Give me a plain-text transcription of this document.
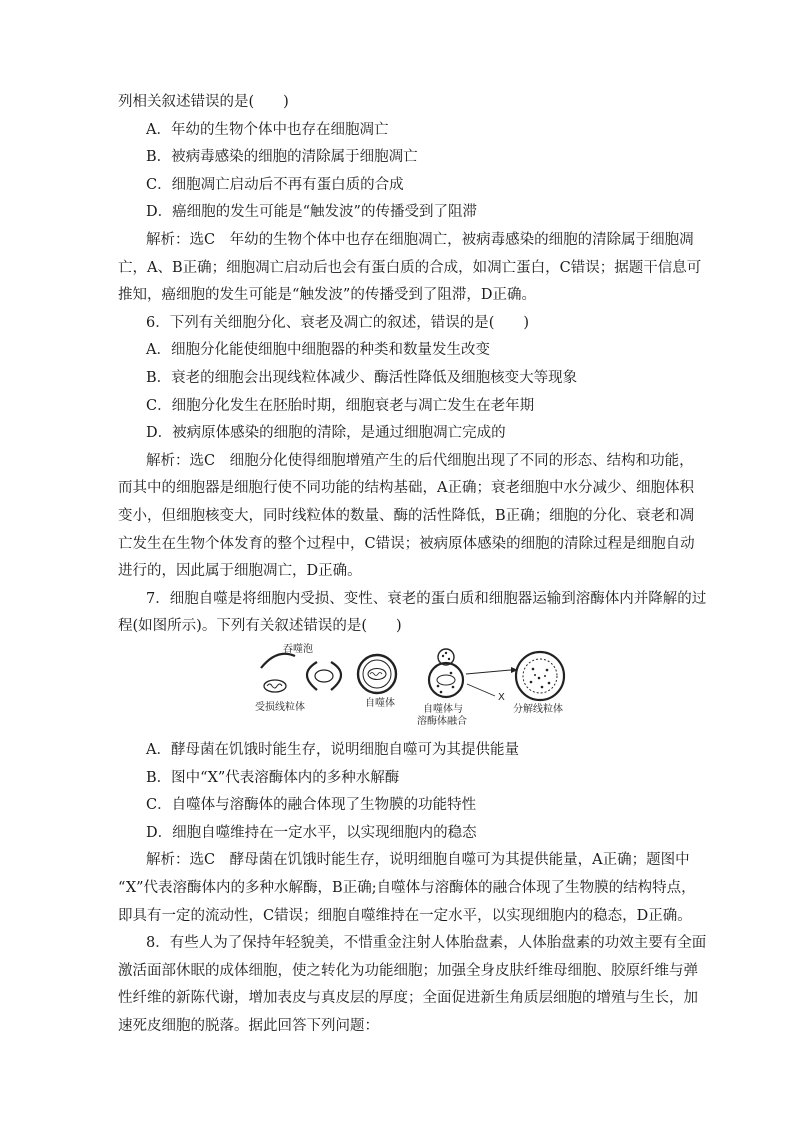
列相关叙述错误的是(　　)
A．年幼的生物个体中也存在细胞凋亡
B．被病毒感染的细胞的清除属于细胞凋亡
C．细胞凋亡启动后不再有蛋白质的合成
D．癌细胞的发生可能是“触发波”的传播受到了阻滞
解析：选C　年幼的生物个体中也存在细胞凋亡，被病毒感染的细胞的清除属于细胞凋
亡，A、B正确；细胞凋亡启动后也会有蛋白质的合成，如凋亡蛋白，C错误；据题干信息可
推知，癌细胞的发生可能是“触发波”的传播受到了阻滞，D正确。
6．下列有关细胞分化、衰老及凋亡的叙述，错误的是(　　)
A．细胞分化能使细胞中细胞器的种类和数量发生改变
B．衰老的细胞会出现线粒体减少、酶活性降低及细胞核变大等现象
C．细胞分化发生在胚胎时期，细胞衰老与凋亡发生在老年期
D．被病原体感染的细胞的清除，是通过细胞凋亡完成的
解析：选C　细胞分化使得细胞增殖产生的后代细胞出现了不同的形态、结构和功能，
而其中的细胞器是细胞行使不同功能的结构基础，A正确；衰老细胞中水分减少、细胞体积
变小，但细胞核变大，同时线粒体的数量、酶的活性降低，B正确；细胞的分化、衰老和凋
亡发生在生物个体发育的整个过程中，C错误；被病原体感染的细胞的清除过程是细胞自动
进行的，因此属于细胞凋亡，D正确。
7．细胞自噬是将细胞内受损、变性、衰老的蛋白质和细胞器运输到溶酶体内并降解的过
程(如图所示)。下列有关叙述错误的是(　　)
A．酵母菌在饥饿时能生存，说明细胞自噬可为其提供能量
B．图中“X”代表溶酶体内的多种水解酶
C．自噬体与溶酶体的融合体现了生物膜的功能特性
D．细胞自噬维持在一定水平，以实现细胞内的稳态
解析：选C　酵母菌在饥饿时能生存，说明细胞自噬可为其提供能量，A正确；题图中
“X”代表溶酶体内的多种水解酶，B正确;自噬体与溶酶体的融合体现了生物膜的结构特点，
即具有一定的流动性，C错误；细胞自噬维持在一定水平，以实现细胞内的稳态，D正确。
8．有些人为了保持年轻貌美，不惜重金注射人体胎盘素，人体胎盘素的功效主要有全面
激活面部休眠的成体细胞，使之转化为功能细胞；加强全身皮肤纤维母细胞、胶原纤维与弹
性纤维的新陈代谢，增加表皮与真皮层的厚度；全面促进新生角质层细胞的增殖与生长，加
速死皮细胞的脱落。据此回答下列问题：
吞噬泡
受损线粒体	自噬体
自噬体与
溶酶体融合
X
分解线粒体
